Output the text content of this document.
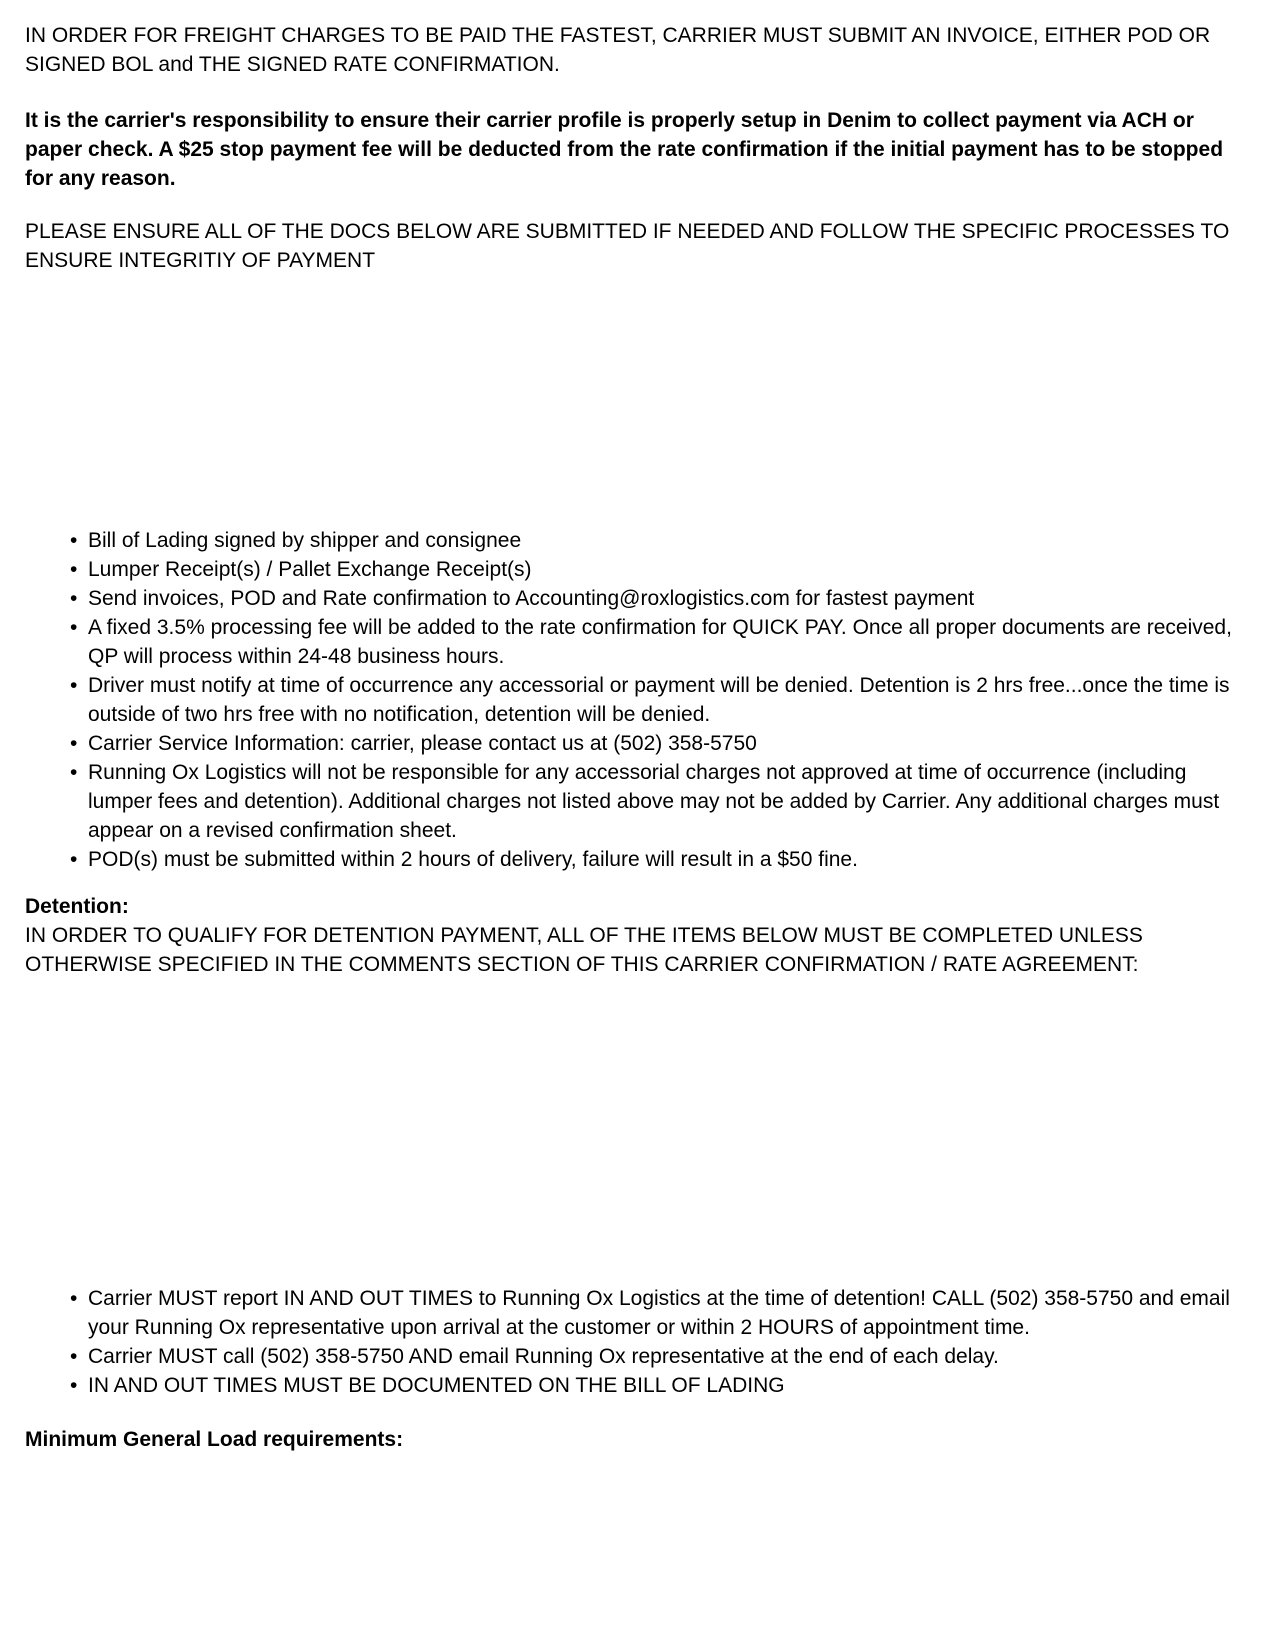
IN ORDER FOR FREIGHT CHARGES TO BE PAID THE FASTEST, CARRIER MUST SUBMIT AN INVOICE, EITHER POD OR SIGNED BOL and THE SIGNED RATE CONFIRMATION.

It is the carrier's responsibility to ensure their carrier profile is properly setup in Denim to collect payment via ACH or paper check. A $25 stop payment fee will be deducted from the rate confirmation if the initial payment has to be stopped for any reason.

PLEASE ENSURE ALL OF THE DOCS BELOW ARE SUBMITTED IF NEEDED AND FOLLOW THE SPECIFIC PROCESSES TO ENSURE INTEGRITIY OF PAYMENT

• Bill of Lading signed by shipper and consignee
• Lumper Receipt(s) / Pallet Exchange Receipt(s)
• Send invoices, POD and Rate confirmation to Accounting@roxlogistics.com for fastest payment
• A fixed 3.5% processing fee will be added to the rate confirmation for QUICK PAY. Once all proper documents are received, QP will process within 24-48 business hours.
• Driver must notify at time of occurrence any accessorial or payment will be denied. Detention is 2 hrs free...once the time is outside of two hrs free with no notification, detention will be denied.
• Carrier Service Information: carrier, please contact us at (502) 358-5750
• Running Ox Logistics will not be responsible for any accessorial charges not approved at time of occurrence (including lumper fees and detention). Additional charges not listed above may not be added by Carrier. Any additional charges must appear on a revised confirmation sheet.
• POD(s) must be submitted within 2 hours of delivery, failure will result in a $50 fine.

Detention:

IN ORDER TO QUALIFY FOR DETENTION PAYMENT, ALL OF THE ITEMS BELOW MUST BE COMPLETED UNLESS OTHERWISE SPECIFIED IN THE COMMENTS SECTION OF THIS CARRIER CONFIRMATION / RATE AGREEMENT:

• Carrier MUST report IN AND OUT TIMES to Running Ox Logistics at the time of detention! CALL (502) 358-5750 and email your Running Ox representative upon arrival at the customer or within 2 HOURS of appointment time.
• Carrier MUST call (502) 358-5750 AND email Running Ox representative at the end of each delay.
• IN AND OUT TIMES MUST BE DOCUMENTED ON THE BILL OF LADING

Minimum General Load requirements:
